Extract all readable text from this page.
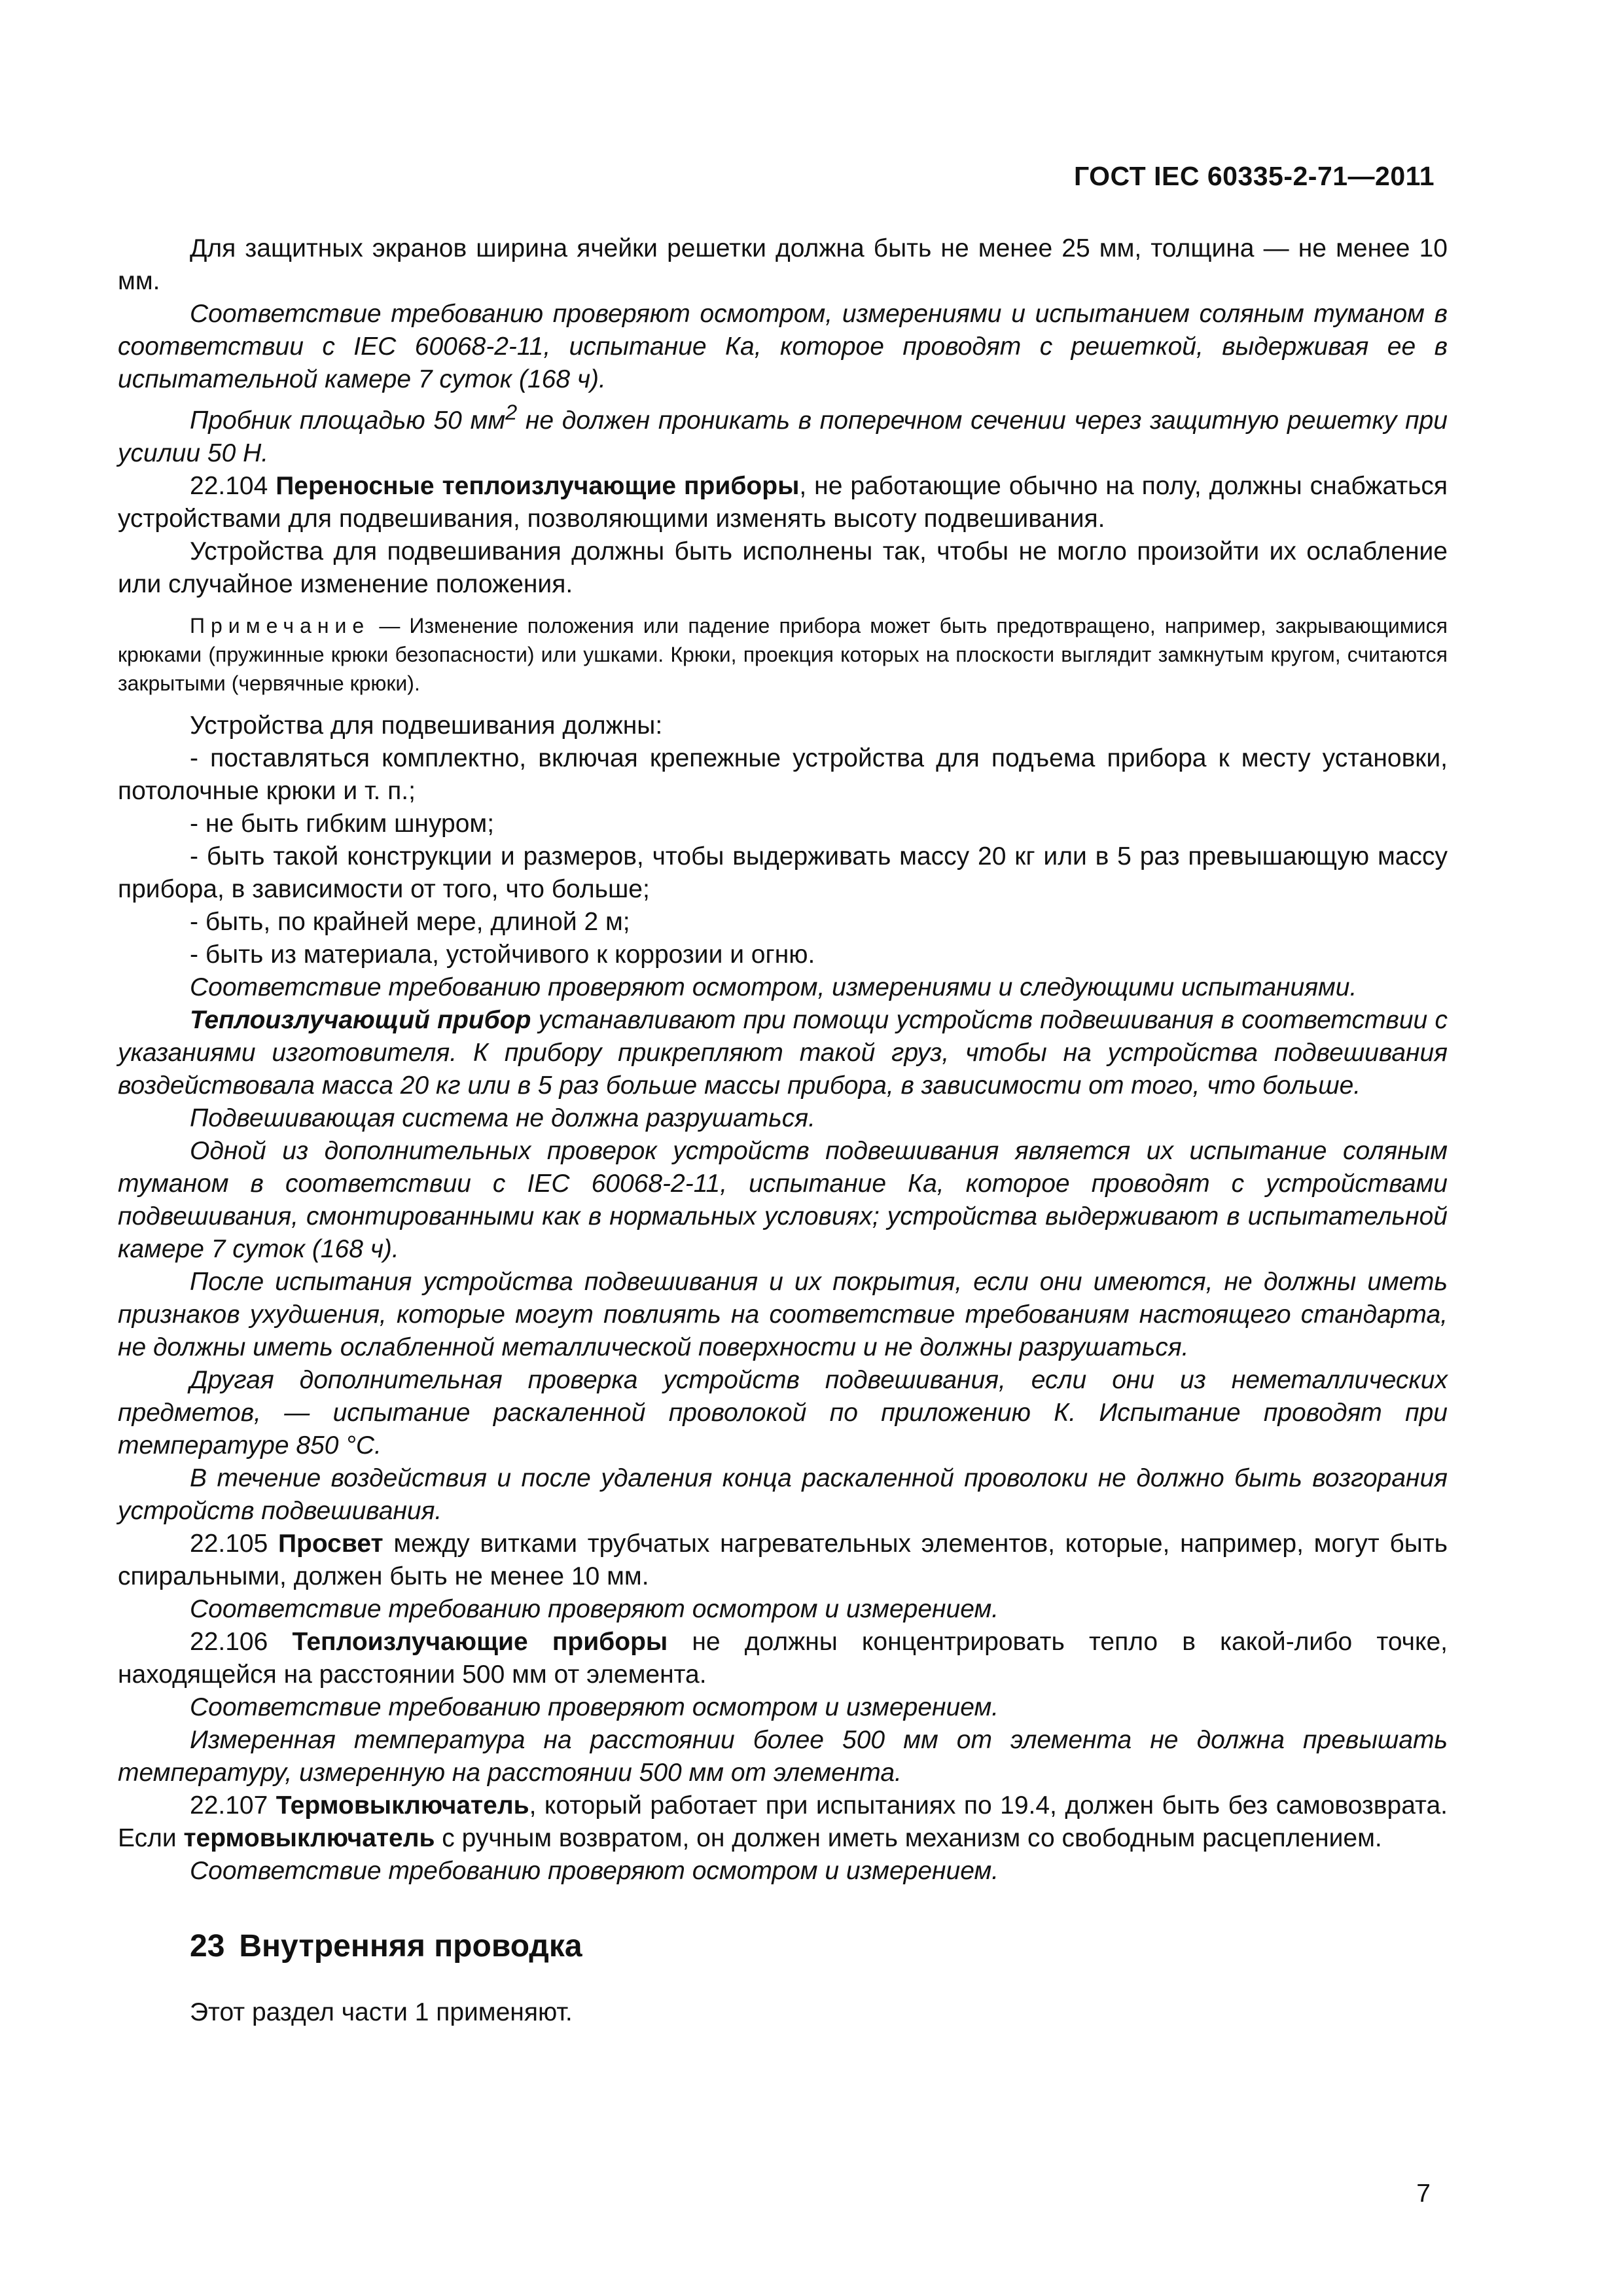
ГОСТ IEC 60335-2-71—2011

Для защитных экранов ширина ячейки решетки должна быть не менее 25 мм, толщина — не менее 10 мм.

Соответствие требованию проверяют осмотром, измерениями и испытанием соляным туманом в соответствии с IEC 60068-2-11, испытание Ка, которое проводят с решеткой, выдерживая ее в испытательной камере 7 суток (168 ч).

Пробник площадью 50 $мм^2$ не должен проникать в поперечном сечении через защитную решетку при усилии 50 Н.

22.104 Переносные теплоизлучающие приборы, не работающие обычно на полу, должны снабжаться устройствами для подвешивания, позволяющими изменять высоту подвешивания.

Устройства для подвешивания должны быть исполнены так, чтобы не могло произойти их ослабление или случайное изменение положения.

Примечание — Изменение положения или падение прибора может быть предотвращено, например, закрывающимися крюками (пружинные крюки безопасности) или ушками. Крюки, проекция которых на плоскости выглядит замкнутым кругом, считаются закрытыми (червячные крюки).

Устройства для подвешивания должны:

- поставляться комплектно, включая крепежные устройства для подъема прибора к месту установки, потолочные крюки и т. п.;

- не быть гибким шнуром;

- быть такой конструкции и размеров, чтобы выдерживать массу 20 кг или в 5 раз превышающую массу прибора, в зависимости от того, что больше;

- быть, по крайней мере, длиной 2 м;

- быть из материала, устойчивого к коррозии и огню.

Соответствие требованию проверяют осмотром, измерениями и следующими испытаниями.

Теплоизлучающий прибор устанавливают при помощи устройств подвешивания в соответствии с указаниями изготовителя. К прибору прикрепляют такой груз, чтобы на устройства подвешивания воздействовала масса 20 кг или в 5 раз больше массы прибора, в зависимости от того, что больше.

Подвешивающая система не должна разрушаться.

Одной из дополнительных проверок устройств подвешивания является их испытание соляным туманом в соответствии с IEC 60068-2-11, испытание Ка, которое проводят с устройствами подвешивания, смонтированными как в нормальных условиях; устройства выдерживают в испытательной камере 7 суток (168 ч).

После испытания устройства подвешивания и их покрытия, если они имеются, не должны иметь признаков ухудшения, которые могут повлиять на соответствие требованиям настоящего стандарта, не должны иметь ослабленной металлической поверхности и не должны разрушаться.

Другая дополнительная проверка устройств подвешивания, если они из неметаллических предметов, — испытание раскаленной проволокой по приложению К. Испытание проводят при температуре 850 °С.

В течение воздействия и после удаления конца раскаленной проволоки не должно быть возгорания устройств подвешивания.

22.105 Просвет между витками трубчатых нагревательных элементов, которые, например, могут быть спиральными, должен быть не менее 10 мм.

Соответствие требованию проверяют осмотром и измерением.

22.106 Теплоизлучающие приборы не должны концентрировать тепло в какой-либо точке, находящейся на расстоянии 500 мм от элемента.

Соответствие требованию проверяют осмотром и измерением.

Измеренная температура на расстоянии более 500 мм от элемента не должна превышать температуру, измеренную на расстоянии 500 мм от элемента.

22.107 Термовыключатель, который работает при испытаниях по 19.4, должен быть без самовозврата. Если термовыключатель с ручным возвратом, он должен иметь механизм со свободным расцеплением.

Соответствие требованию проверяют осмотром и измерением.

23 Внутренняя проводка

Этот раздел части 1 применяют.

7
